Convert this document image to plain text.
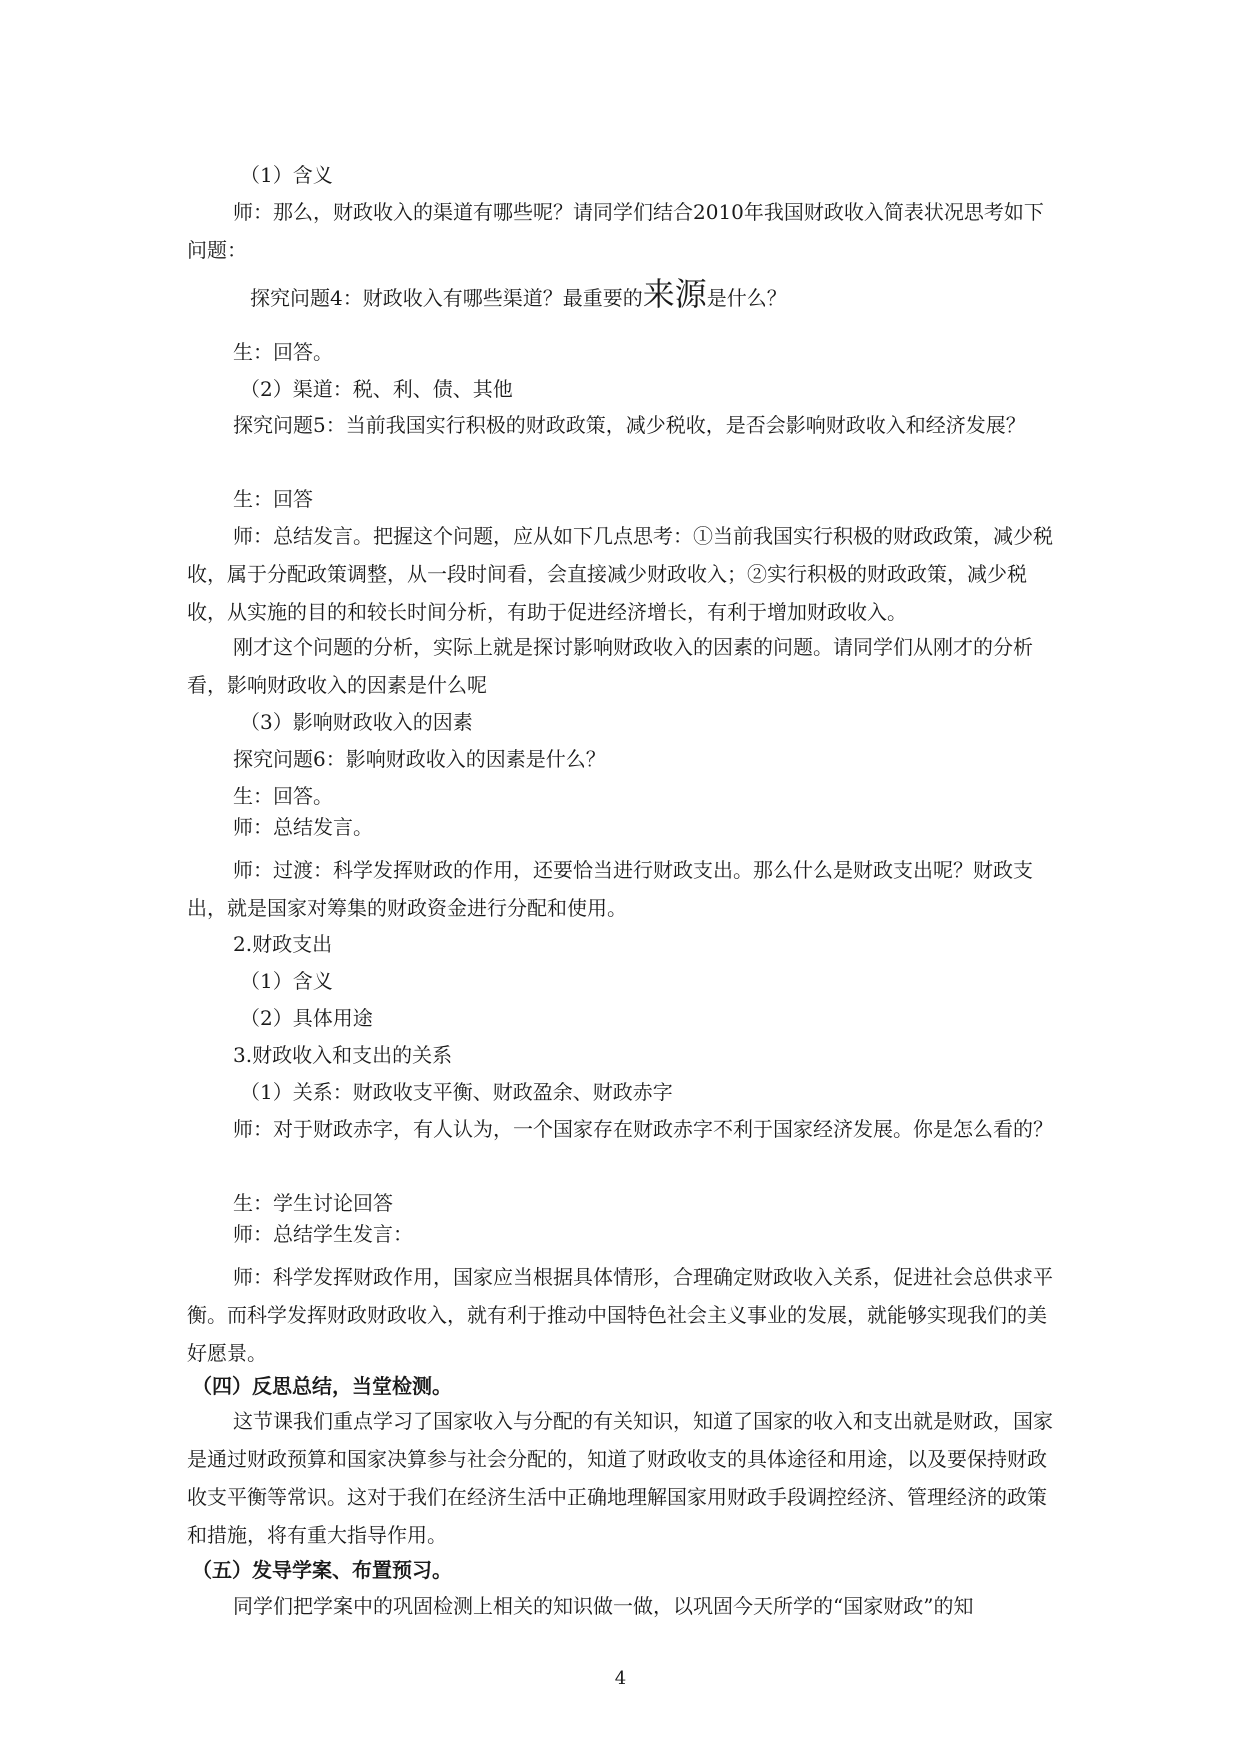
（1）含义

师：那么，财政收入的渠道有哪些呢？请同学们结合2010年我国财政收入简表状况思考如下问题：

探究问题4：财政收入有哪些渠道？最重要的来源是什么？

生：回答。

（2）渠道：税、利、债、其他

探究问题5：当前我国实行积极的财政政策，减少税收，是否会影响财政收入和经济发展？

生：回答

师：总结发言。把握这个问题，应从如下几点思考：①当前我国实行积极的财政政策，减少税收，属于分配政策调整，从一段时间看，会直接减少财政收入；②实行积极的财政政策，减少税收，从实施的目的和较长时间分析，有助于促进经济增长，有利于增加财政收入。

刚才这个问题的分析，实际上就是探讨影响财政收入的因素的问题。请同学们从刚才的分析看，影响财政收入的因素是什么呢

（3）影响财政收入的因素

探究问题6：影响财政收入的因素是什么？

生：回答。

师：总结发言。

师：过渡：科学发挥财政的作用，还要恰当进行财政支出。那么什么是财政支出呢？财政支出，就是国家对筹集的财政资金进行分配和使用。

2.财政支出

（1）含义

（2）具体用途

3.财政收入和支出的关系

（1）关系：财政收支平衡、财政盈余、财政赤字

师：对于财政赤字，有人认为，一个国家存在财政赤字不利于国家经济发展。你是怎么看的？

生：学生讨论回答

师：总结学生发言：

师：科学发挥财政作用，国家应当根据具体情形，合理确定财政收入关系，促进社会总供求平衡。而科学发挥财政财政收入，就有利于推动中国特色社会主义事业的发展，就能够实现我们的美好愿景。

（四）反思总结，当堂检测。

这节课我们重点学习了国家收入与分配的有关知识，知道了国家的收入和支出就是财政，国家是通过财政预算和国家决算参与社会分配的，知道了财政收支的具体途径和用途，以及要保持财政收支平衡等常识。这对于我们在经济生活中正确地理解国家用财政手段调控经济、管理经济的政策和措施，将有重大指导作用。

（五）发导学案、布置预习。

同学们把学案中的巩固检测上相关的知识做一做，以巩固今天所学的“国家财政”的知

4
